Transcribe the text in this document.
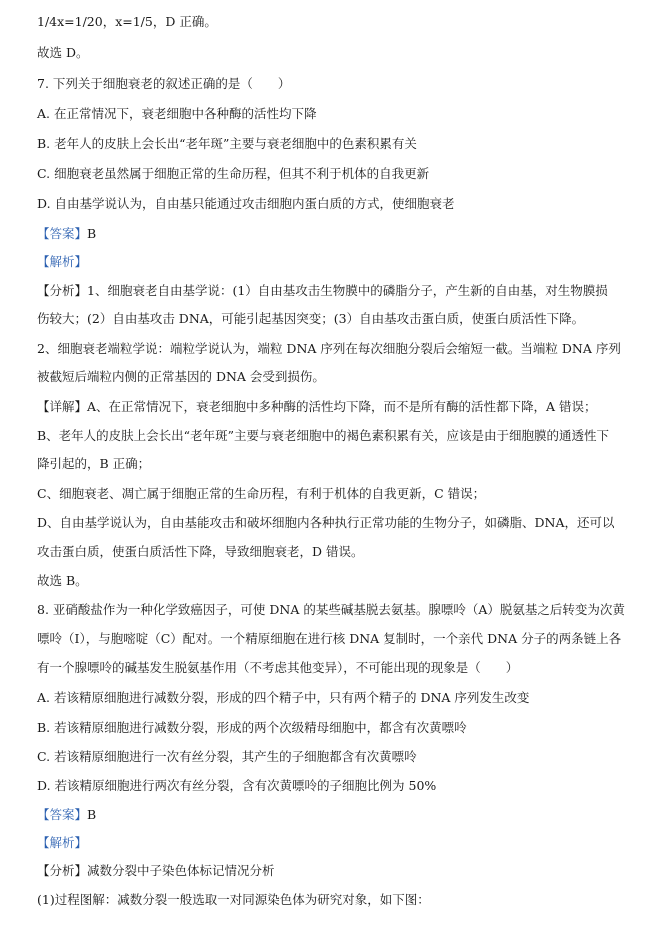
1/4x=1/20，x=1/5，D 正确。
故选 D。
7. 下列关于细胞衰老的叙述正确的是（　　）
A. 在正常情况下，衰老细胞中各种酶的活性均下降
B. 老年人的皮肤上会长出“老年斑”主要与衰老细胞中的色素积累有关
C. 细胞衰老虽然属于细胞正常的生命历程，但其不利于机体的自我更新
D. 自由基学说认为，自由基只能通过攻击细胞内蛋白质的方式，使细胞衰老
【答案】B
【解析】
【分析】1、细胞衰老自由基学说：(1）自由基攻击生物膜中的磷脂分子，产生新的自由基，对生物膜损
伤较大；(2）自由基攻击 DNA，可能引起基因突变；(3）自由基攻击蛋白质，使蛋白质活性下降。
2、细胞衰老端粒学说：端粒学说认为，端粒 DNA 序列在每次细胞分裂后会缩短一截。当端粒 DNA 序列
被截短后端粒内侧的正常基因的 DNA 会受到损伤。
【详解】A、在正常情况下，衰老细胞中多种酶的活性均下降，而不是所有酶的活性都下降，A 错误；
B、老年人的皮肤上会长出“老年斑”主要与衰老细胞中的褐色素积累有关，应该是由于细胞膜的通透性下
降引起的，B 正确；
C、细胞衰老、凋亡属于细胞正常的生命历程，有利于机体的自我更新，C 错误；
D、自由基学说认为，自由基能攻击和破坏细胞内各种执行正常功能的生物分子，如磷脂、DNA，还可以
攻击蛋白质，使蛋白质活性下降，导致细胞衰老，D 错误。
故选 B。
8. 亚硝酸盐作为一种化学致癌因子，可使 DNA 的某些碱基脱去氨基。腺嘌呤（A）脱氨基之后转变为次黄
嘌呤（I），与胞嘧啶（C）配对。一个精原细胞在进行核 DNA 复制时，一个亲代 DNA 分子的两条链上各
有一个腺嘌呤的碱基发生脱氨基作用（不考虑其他变异），不可能出现的现象是（　　）
A. 若该精原细胞进行减数分裂，形成的四个精子中，只有两个精子的 DNA 序列发生改变
B. 若该精原细胞进行减数分裂，形成的两个次级精母细胞中，都含有次黄嘌呤
C. 若该精原细胞进行一次有丝分裂，其产生的子细胞都含有次黄嘌呤
D. 若该精原细胞进行两次有丝分裂，含有次黄嘌呤的子细胞比例为 50%
【答案】B
【解析】
【分析】减数分裂中子染色体标记情况分析
(1)过程图解：减数分裂一般选取一对同源染色体为研究对象，如下图：
